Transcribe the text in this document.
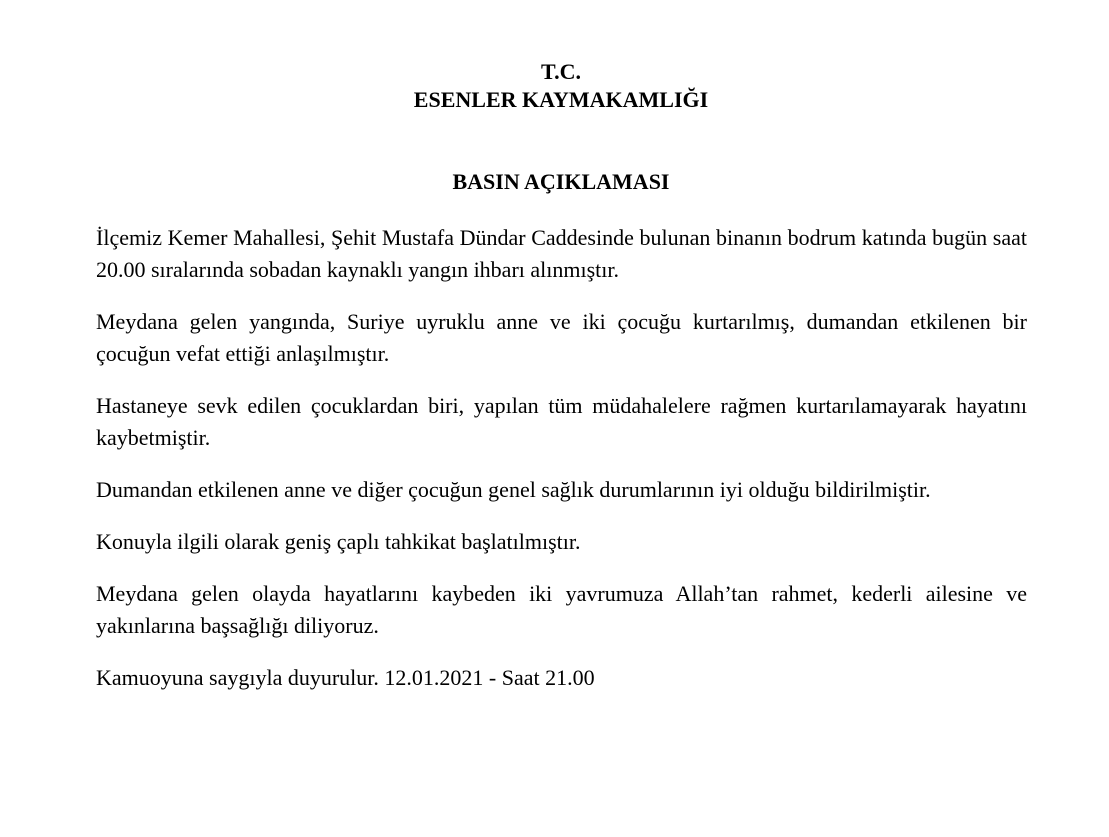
T.C.
ESENLER KAYMAKAMLIĞI
BASIN AÇIKLAMASI

İlçemiz Kemer Mahallesi, Şehit Mustafa Dündar Caddesinde bulunan binanın bodrum katında bugün saat 20.00 sıralarında sobadan kaynaklı yangın ihbarı alınmıştır.

Meydana gelen yangında, Suriye uyruklu anne ve iki çocuğu kurtarılmış, dumandan etkilenen bir çocuğun vefat ettiği anlaşılmıştır.

Hastaneye sevk edilen çocuklardan biri, yapılan tüm müdahalelere rağmen kurtarılamayarak hayatını kaybetmiştir.

Dumandan etkilenen anne ve diğer çocuğun genel sağlık durumlarının iyi olduğu bildirilmiştir.

Konuyla ilgili olarak geniş çaplı tahkikat başlatılmıştır.

Meydana gelen olayda hayatlarını kaybeden iki yavrumuza Allah’tan rahmet, kederli ailesine ve yakınlarına başsağlığı diliyoruz.

Kamuoyuna saygıyla duyurulur. 12.01.2021 - Saat 21.00
